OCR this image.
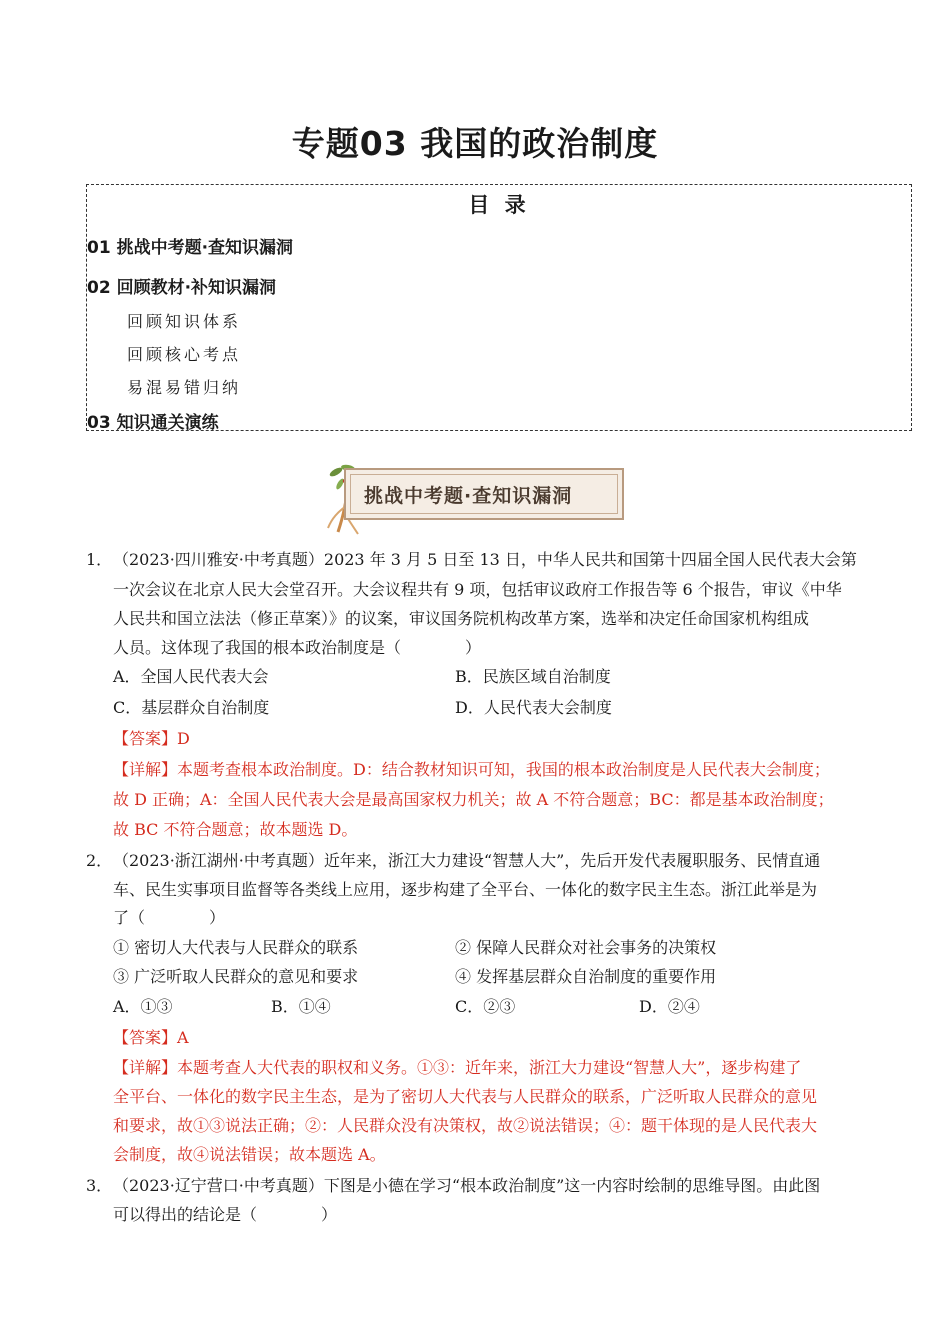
专题03 我国的政治制度
目 录
01 挑战中考题·查知识漏洞
02 回顾教材·补知识漏洞
回顾知识体系
回顾核心考点
易混易错归纳
03 知识通关演练
挑战中考题·查知识漏洞
1． （2023·四川雅安·中考真题）2023 年 3 月 5 日至 13 日，中华人民共和国第十四届全国人民代表大会第
一次会议在北京人民大会堂召开。大会议程共有 9 项，包括审议政府工作报告等 6 个报告，审议《中华
人民共和国立法法（修正草案）》的议案，审议国务院机构改革方案，选举和决定任命国家机构组成
人员。这体现了我国的根本政治制度是（　　　　）
A．全国人民代表大会	B．民族区域自治制度
C．基层群众自治制度	D．人民代表大会制度
【答案】D
【详解】本题考查根本政治制度。D：结合教材知识可知，我国的根本政治制度是人民代表大会制度；
故 D 正确；A：全国人民代表大会是最高国家权力机关；故 A 不符合题意；BC：都是基本政治制度；
故 BC 不符合题意；故本题选 D。
2． （2023·浙江湖州·中考真题）近年来，浙江大力建设“智慧人大”，先后开发代表履职服务、民情直通
车、民生实事项目监督等各类线上应用，逐步构建了全平台、一体化的数字民主生态。浙江此举是为
了（　　　　）
① 密切人大代表与人民群众的联系	② 保障人民群众对社会事务的决策权
③ 广泛听取人民群众的意见和要求	④ 发挥基层群众自治制度的重要作用
A．①③	B．①④	C．②③	D．②④
【答案】A
【详解】本题考查人大代表的职权和义务。①③：近年来，浙江大力建设“智慧人大”，逐步构建了
全平台、一体化的数字民主生态，是为了密切人大代表与人民群众的联系，广泛听取人民群众的意见
和要求，故①③说法正确；②：人民群众没有决策权，故②说法错误；④：题干体现的是人民代表大
会制度，故④说法错误；故本题选 A。
3． （2023·辽宁营口·中考真题）下图是小德在学习“根本政治制度”这一内容时绘制的思维导图。由此图
可以得出的结论是（　　　　）
